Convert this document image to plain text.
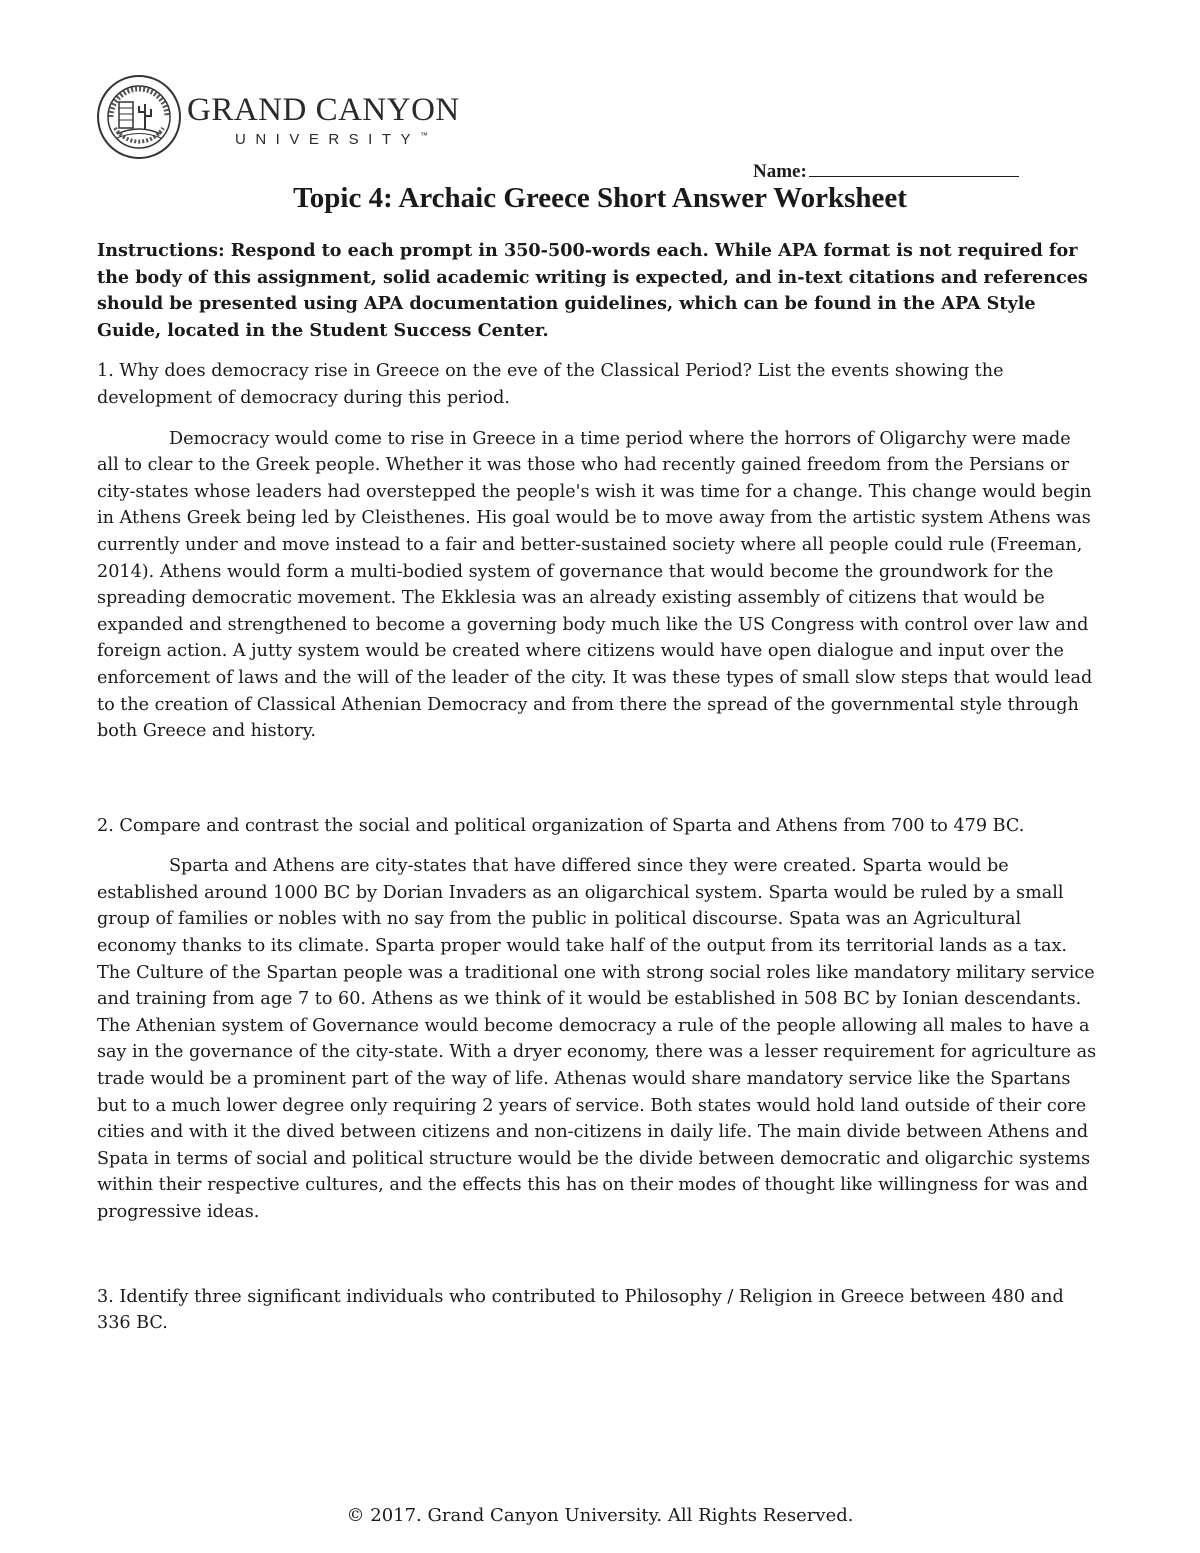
GRAND CANYON
UNIVERSITY™
Name:
Topic 4: Archaic Greece Short Answer Worksheet

Instructions: Respond to each prompt in 350-500-words each. While APA format is not required for the body of this assignment, solid academic writing is expected, and in-text citations and references should be presented using APA documentation guidelines, which can be found in the APA Style Guide, located in the Student Success Center.

1. Why does democracy rise in Greece on the eve of the Classical Period? List the events showing the development of democracy during this period.

Democracy would come to rise in Greece in a time period where the horrors of Oligarchy were made all to clear to the Greek people. Whether it was those who had recently gained freedom from the Persians or city-states whose leaders had overstepped the people's wish it was time for a change. This change would begin in Athens Greek being led by Cleisthenes. His goal would be to move away from the artistic system Athens was currently under and move instead to a fair and better-sustained society where all people could rule (Freeman, 2014). Athens would form a multi-bodied system of governance that would become the groundwork for the spreading democratic movement. The Ekklesia was an already existing assembly of citizens that would be expanded and strengthened to become a governing body much like the US Congress with control over law and foreign action. A jutty system would be created where citizens would have open dialogue and input over the enforcement of laws and the will of the leader of the city. It was these types of small slow steps that would lead to the creation of Classical Athenian Democracy and from there the spread of the governmental style through both Greece and history.

2. Compare and contrast the social and political organization of Sparta and Athens from 700 to 479 BC.

Sparta and Athens are city-states that have differed since they were created. Sparta would be established around 1000 BC by Dorian Invaders as an oligarchical system. Sparta would be ruled by a small group of families or nobles with no say from the public in political discourse. Spata was an Agricultural economy thanks to its climate. Sparta proper would take half of the output from its territorial lands as a tax. The Culture of the Spartan people was a traditional one with strong social roles like mandatory military service and training from age 7 to 60. Athens as we think of it would be established in 508 BC by Ionian descendants. The Athenian system of Governance would become democracy a rule of the people allowing all males to have a say in the governance of the city-state. With a dryer economy, there was a lesser requirement for agriculture as trade would be a prominent part of the way of life. Athenas would share mandatory service like the Spartans but to a much lower degree only requiring 2 years of service. Both states would hold land outside of their core cities and with it the dived between citizens and non-citizens in daily life. The main divide between Athens and Spata in terms of social and political structure would be the divide between democratic and oligarchic systems within their respective cultures, and the effects this has on their modes of thought like willingness for was and progressive ideas.

3. Identify three significant individuals who contributed to Philosophy / Religion in Greece between 480 and 336 BC.

© 2017. Grand Canyon University. All Rights Reserved.
